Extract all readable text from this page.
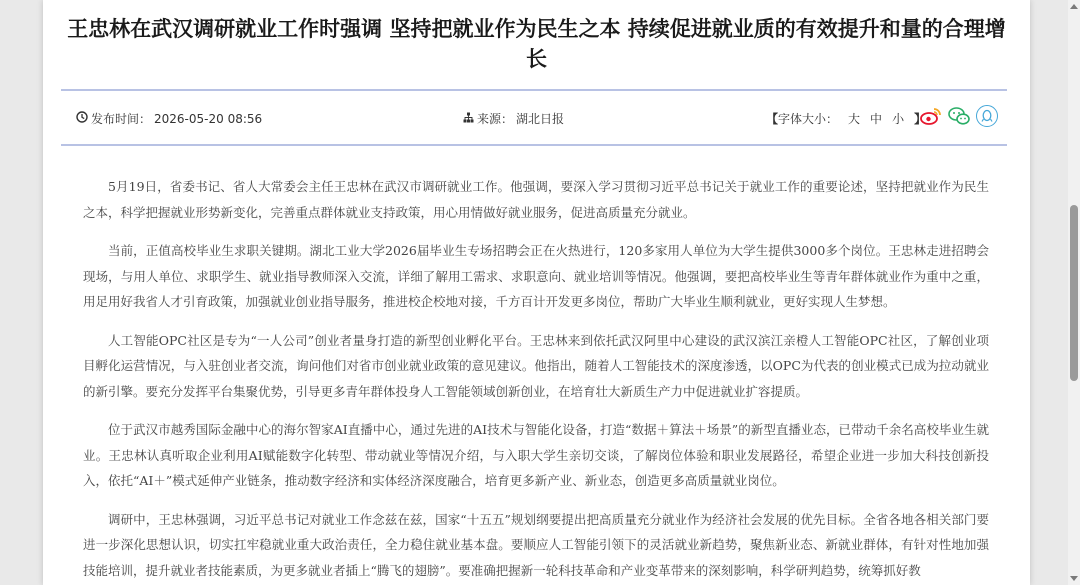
王忠林在武汉调研就业工作时强调 坚持把就业作为民生之本 持续促进就业质的有效提升和量的合理增长
发布时间： 2026-05-20 08:56	来源： 湖北日报	【 字体大小： 大 中 小 】

5月19日，省委书记、省人大常委会主任王忠林在武汉市调研就业工作。他强调，要深入学习贯彻习近平总书记关于就业工作的重要论述，坚持把就业作为民生之本，科学把握就业形势新变化，完善重点群体就业支持政策，用心用情做好就业服务，促进高质量充分就业。

当前，正值高校毕业生求职关键期。湖北工业大学2026届毕业生专场招聘会正在火热进行，120多家用人单位为大学生提供3000多个岗位。王忠林走进招聘会现场，与用人单位、求职学生、就业指导教师深入交流，详细了解用工需求、求职意向、就业培训等情况。他强调，要把高校毕业生等青年群体就业作为重中之重，用足用好我省人才引育政策，加强就业创业指导服务，推进校企校地对接，千方百计开发更多岗位，帮助广大毕业生顺利就业，更好实现人生梦想。

人工智能OPC社区是专为“一人公司”创业者量身打造的新型创业孵化平台。王忠林来到依托武汉阿里中心建设的武汉滨江亲橙人工智能OPC社区，了解创业项目孵化运营情况，与入驻创业者交流，询问他们对省市创业就业政策的意见建议。他指出，随着人工智能技术的深度渗透，以OPC为代表的创业模式已成为拉动就业的新引擎。要充分发挥平台集聚优势，引导更多青年群体投身人工智能领域创新创业，在培育壮大新质生产力中促进就业扩容提质。

位于武汉市越秀国际金融中心的海尔智家AI直播中心，通过先进的AI技术与智能化设备，打造“数据＋算法＋场景”的新型直播业态，已带动千余名高校毕业生就业。王忠林认真听取企业利用AI赋能数字化转型、带动就业等情况介绍，与入职大学生亲切交谈，了解岗位体验和职业发展路径，希望企业进一步加大科技创新投入，依托“AI＋”模式延伸产业链条，推动数字经济和实体经济深度融合，培育更多新产业、新业态，创造更多高质量就业岗位。

调研中，王忠林强调，习近平总书记对就业工作念兹在兹，国家“十五五”规划纲要提出把高质量充分就业作为经济社会发展的优先目标。全省各地各相关部门要进一步深化思想认识，切实扛牢稳就业重大政治责任，全力稳住就业基本盘。要顺应人工智能引领下的灵活就业新趋势，聚焦新业态、新就业群体，有针对性地加强技能培训，提升就业者技能素质，为更多就业者插上“腾飞的翅膀”。要准确把握新一轮科技革命和产业变革带来的深刻影响，科学研判趋势，统筹抓好教
